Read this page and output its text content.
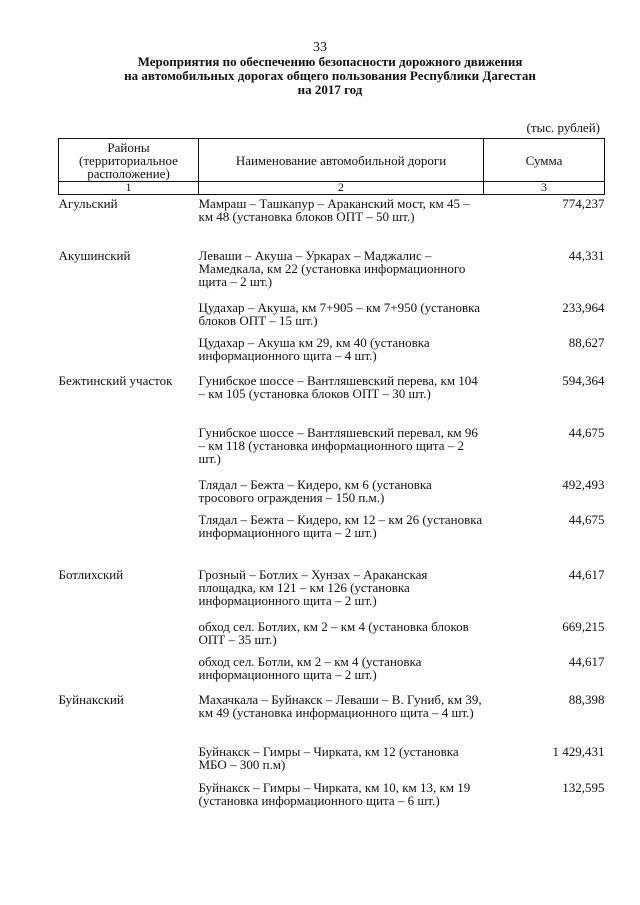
33
Мероприятия по обеспечению безопасности дорожного движения
на автомобильных дорогах общего пользования Республики Дагестан
на 2017 год
(тыс. рублей)
Районы (территориальное расположение)	Наименование автомобильной дороги	Сумма
1	2	3
Агульский	Мамраш – Ташкапур – Араканский мост, км 45 – км 48 (установка блоков ОПТ – 50 шт.)	774,237
Акушинский	Леваши – Акуша – Уркарах – Маджалис – Мамедкала, км 22 (установка информационного щита – 2 шт.)	44,331
	Цудахар – Акуша, км 7+905 – км 7+950 (установка блоков ОПТ – 15 шт.)	233,964
	Цудахар – Акуша км 29, км 40 (установка информационного щита – 4 шт.)	88,627
Бежтинский участок	Гунибское шоссе – Вантляшевский перева, км 104 – км 105 (установка блоков ОПТ – 30 шт.)	594,364
	Гунибское шоссе – Вантляшевский перевал, км 96 – км 118 (установка информационного щита – 2 шт.)	44,675
	Тлядал – Бежта – Кидеро, км 6 (установка тросового ограждения – 150 п.м.)	492,493
	Тлядал – Бежта – Кидеро, км 12 – км 26 (установка информационного щита – 2 шт.)	44,675
Ботлихский	Грозный – Ботлих – Хунзах – Араканская площадка, км 121 – км 126 (установка информационного щита – 2 шт.)	44,617
	обход сел. Ботлих, км 2 – км 4 (установка блоков ОПТ – 35 шт.)	669,215
	обход сел. Ботли, км 2 – км 4 (установка информационного щита – 2 шт.)	44,617
Буйнакский	Махачкала – Буйнакск – Леваши – В. Гуниб, км 39, км 49 (установка информационного щита – 4 шт.)	88,398
	Буйнакск – Гимры – Чирката, км 12 (установка МБО – 300 п.м)	1 429,431
	Буйнакск – Гимры – Чирката, км 10, км 13, км 19 (установка информационного щита – 6 шт.)	132,595
